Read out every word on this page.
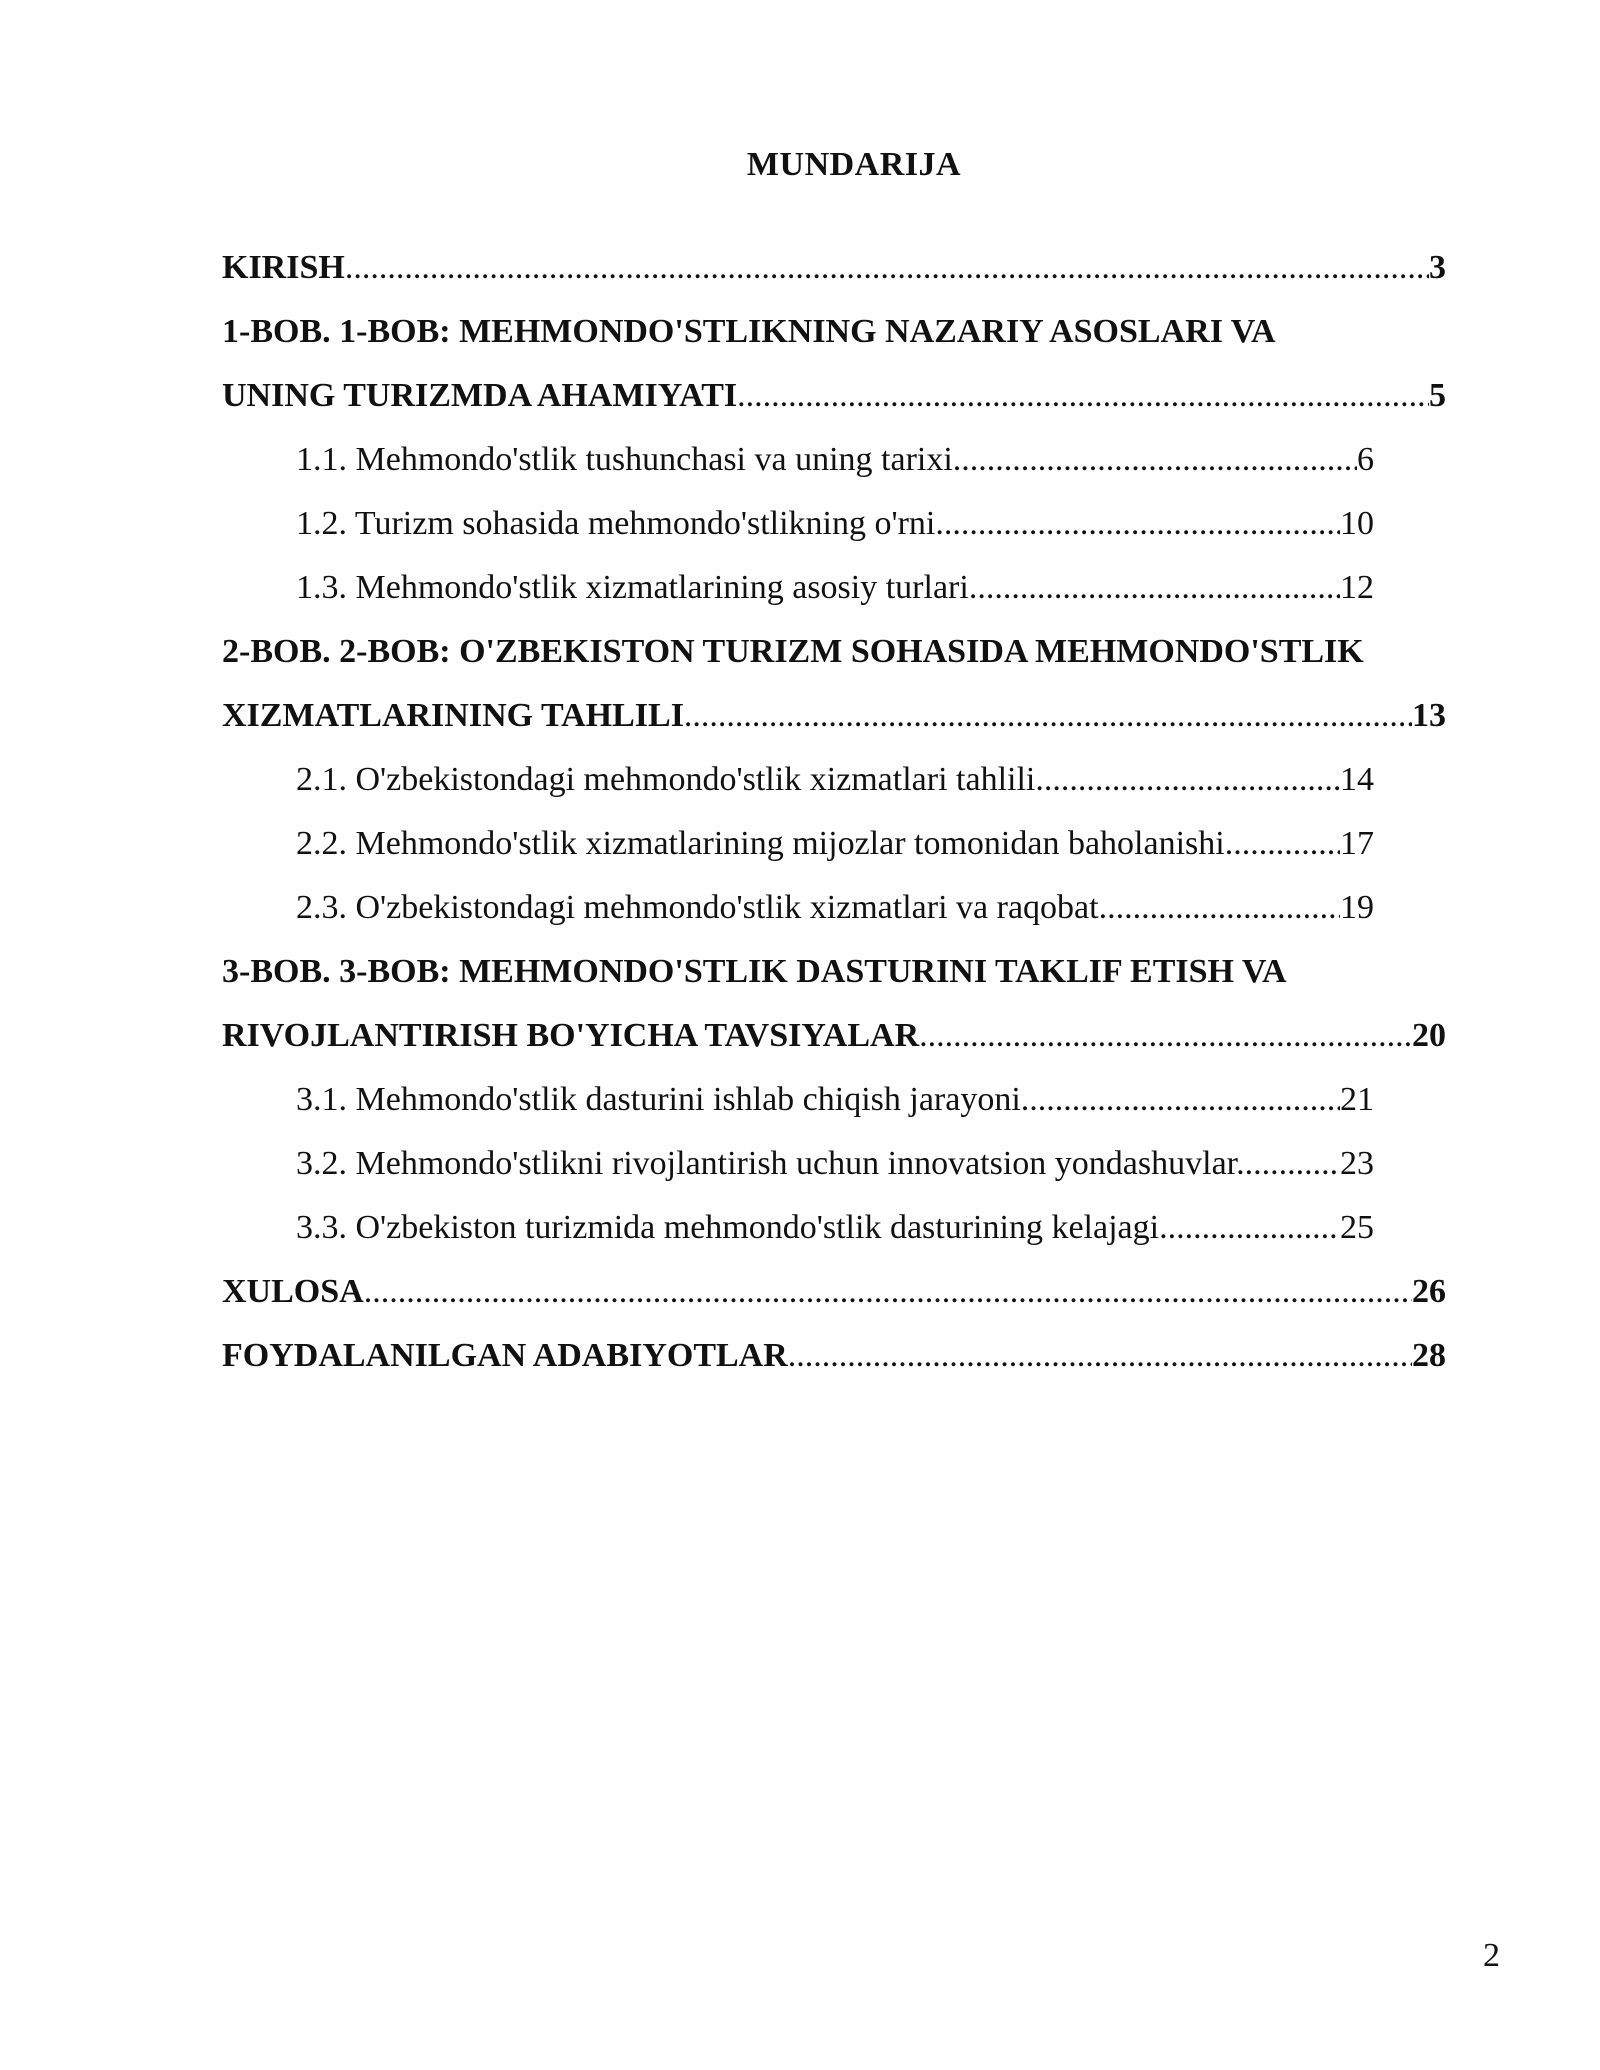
MUNDARIJA
KIRISH .....	3
1-BOB. 1-BOB: MEHMONDO'STLIKNING NAZARIY ASOSLARI VA
UNING TURIZMDA AHAMIYATI .....	5
1.1. Mehmondo'stlik tushunchasi va uning tarixi .....	6
1.2. Turizm sohasida mehmondo'stlikning o'rni .....	10
1.3. Mehmondo'stlik xizmatlarining asosiy turlari .....	12
2-BOB. 2-BOB: O'ZBEKISTON TURIZM SOHASIDA MEHMONDO'STLIK
XIZMATLARINING TAHLILI .....	13
2.1. O'zbekistondagi mehmondo'stlik xizmatlari tahlili .....	14
2.2. Mehmondo'stlik xizmatlarining mijozlar tomonidan baholanishi .....	17
2.3. O'zbekistondagi mehmondo'stlik xizmatlari va raqobat .....	19
3-BOB. 3-BOB: MEHMONDO'STLIK DASTURINI TAKLIF ETISH VA
RIVOJLANTIRISH BO'YICHA TAVSIYALAR .....	20
3.1. Mehmondo'stlik dasturini ishlab chiqish jarayoni .....	21
3.2. Mehmondo'stlikni rivojlantirish uchun innovatsion yondashuvlar. .....	23
3.3. O'zbekiston turizmida mehmondo'stlik dasturining kelajagi .....	25
XULOSA .....	26
FOYDALANILGAN ADABIYOTLAR .....	28
2
